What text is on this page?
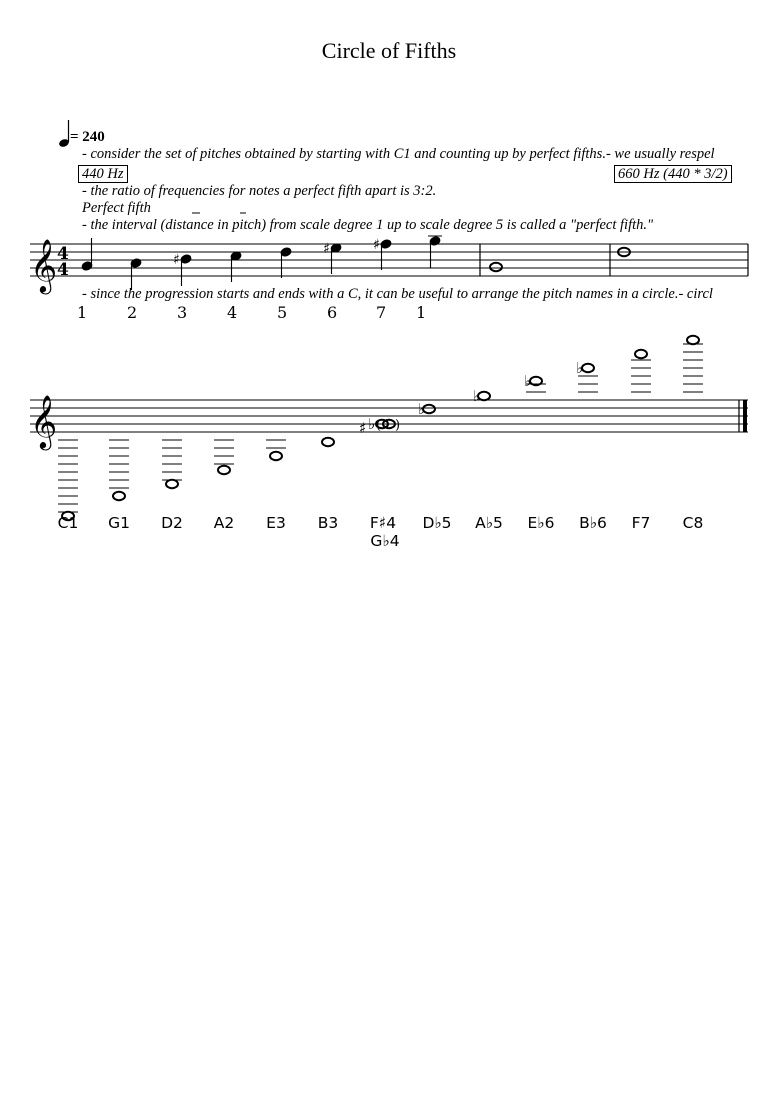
Circle of Fifths
= 240
- consider the set of pitches obtained by starting with C1 and counting up by perfect fifths.- we usually respel
440 Hz	660 Hz (440 * 3/2)
- the ratio of frequencies for notes a perfect fifth apart is 3:2.
Perfect fifth
- the interval (distance in pitch) from scale degree 1 up to scale degree 5 is called a "perfect fifth."
- since the progression starts and ends with a C, it can be useful to arrange the pitch names in a circle.- circl
𝄞 4
4	♯
♯	♯
1 2 3 4 5 6 7 1
𝄞	♯ ♭ ( )
♭
♭
♭
♭
C1	G1	D2	A2	E3	B3	F♯4
G♭4
D♭5	A♭5	E♭6	B♭6	F7	C8
